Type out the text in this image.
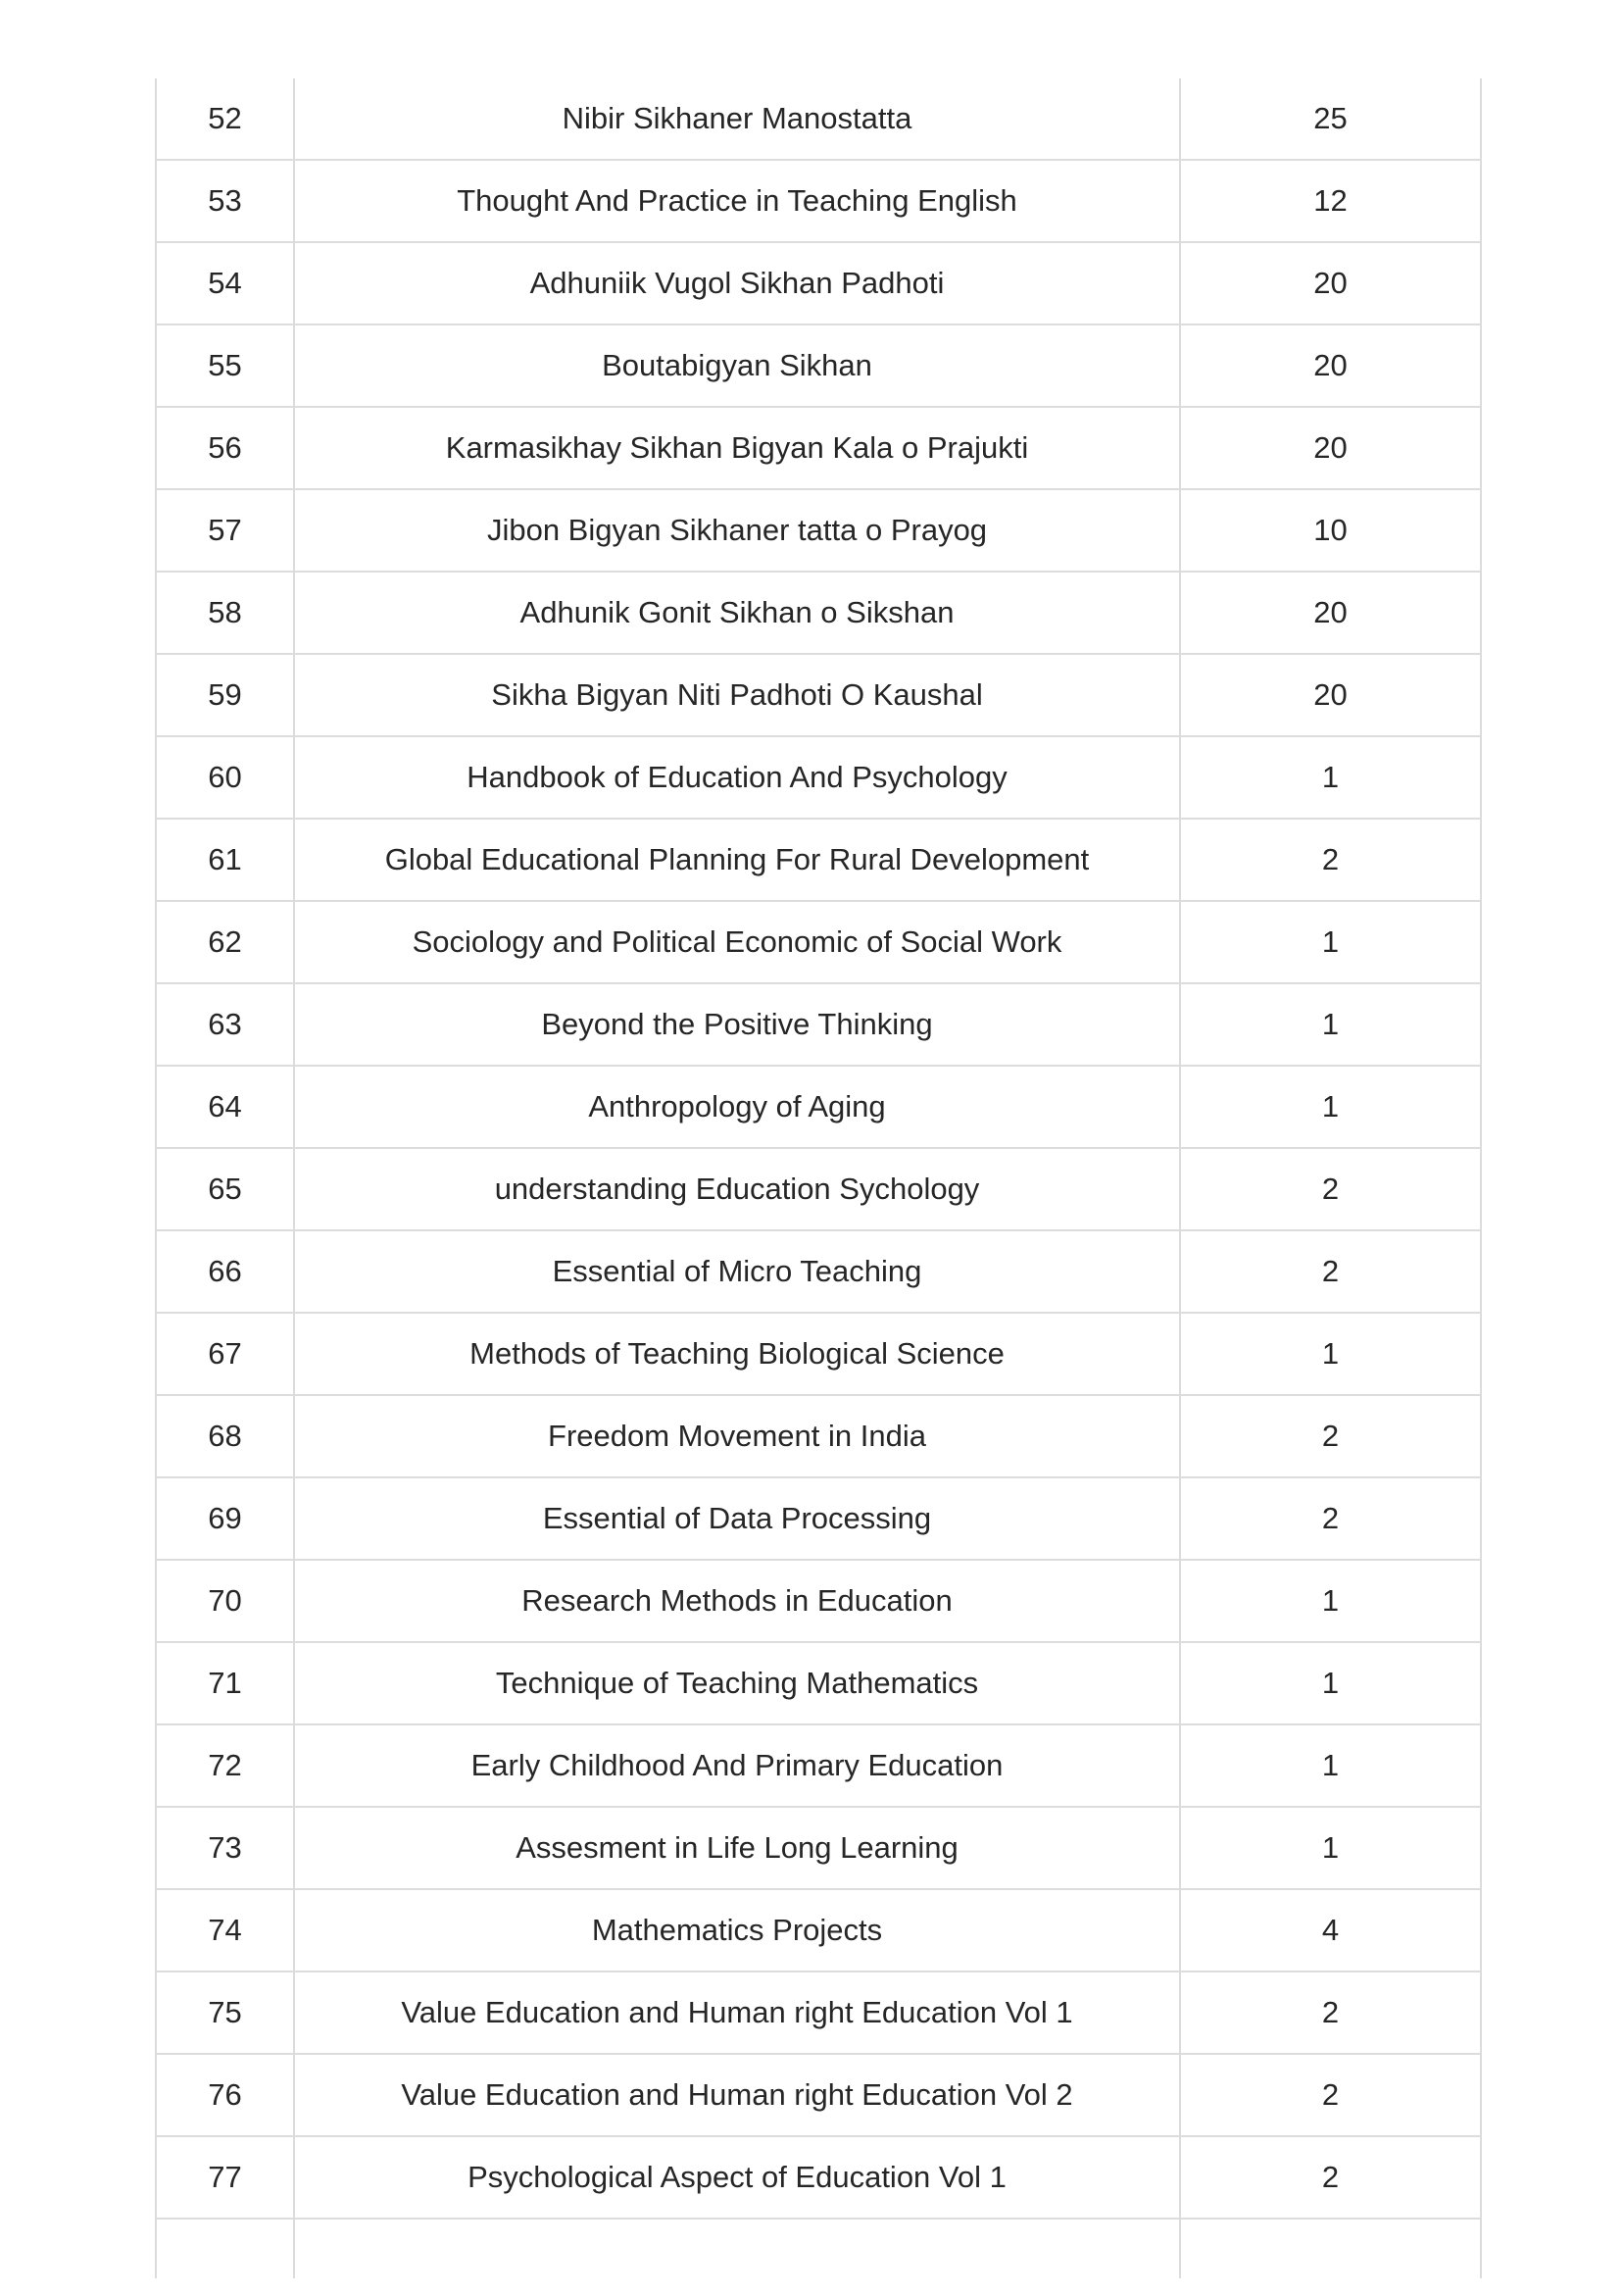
52	Nibir Sikhaner Manostatta	25
53	Thought And Practice in Teaching English	12
54	Adhuniik Vugol Sikhan Padhoti	20
55	Boutabigyan Sikhan	20
56	Karmasikhay Sikhan Bigyan Kala o Prajukti	20
57	Jibon Bigyan Sikhaner tatta o Prayog	10
58	Adhunik Gonit Sikhan o Sikshan	20
59	Sikha Bigyan Niti Padhoti O Kaushal	20
60	Handbook of Education And Psychology	1
61	Global Educational Planning For Rural Development	2
62	Sociology and Political Economic of Social Work	1
63	Beyond the Positive Thinking	1
64	Anthropology of Aging	1
65	understanding Education Sychology	2
66	Essential of Micro Teaching	2
67	Methods of Teaching Biological Science	1
68	Freedom Movement in India	2
69	Essential of Data Processing	2
70	Research Methods in Education	1
71	Technique of Teaching Mathematics	1
72	Early Childhood And Primary Education	1
73	Assesment in Life Long Learning	1
74	Mathematics Projects	4
75	Value Education and Human right Education Vol 1	2
76	Value Education and Human right Education Vol 2	2
77	Psychological Aspect of Education Vol 1	2
